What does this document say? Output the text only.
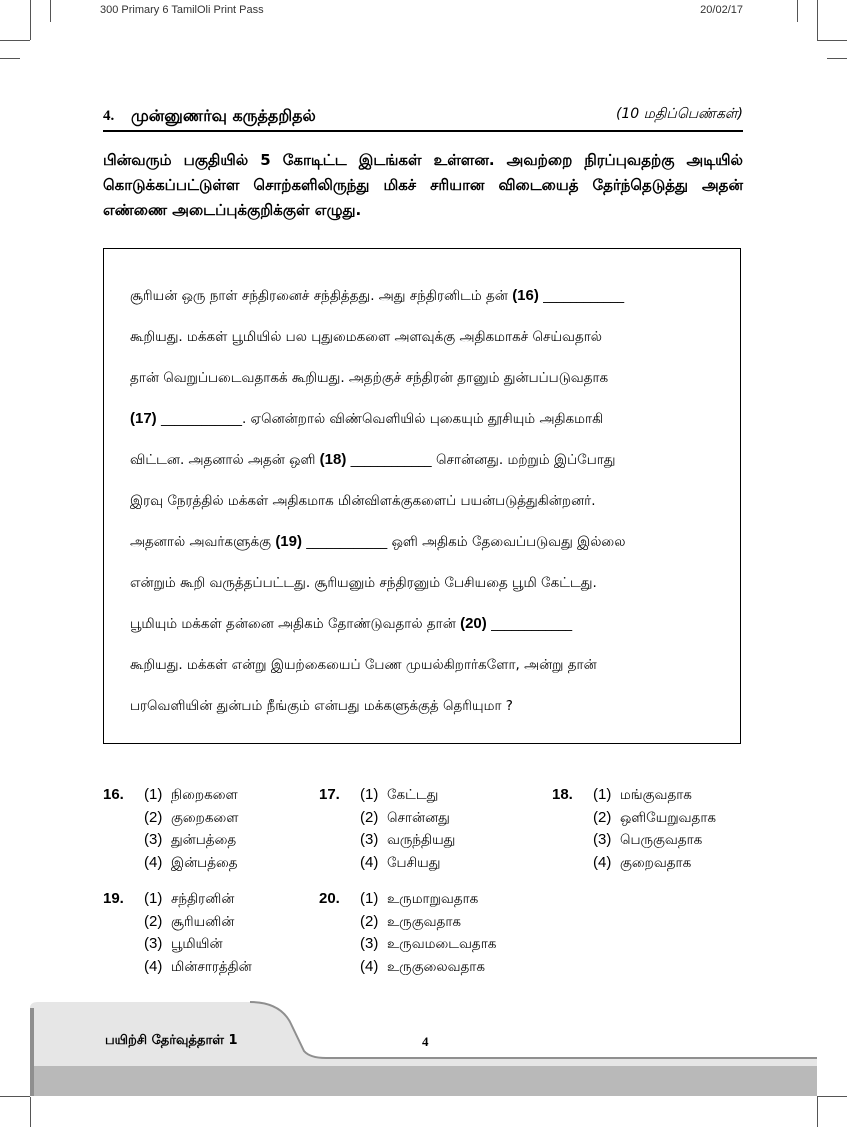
300 Primary 6 TamilOli Print Pass	20/02/17
4. முன்னுணர்வு கருத்தறிதல்	(10 மதிப்பெண்கள்)
பின்வரும் பகுதியில் 5 கோடிட்ட இடங்கள் உள்ளன. அவற்றை நிரப்புவதற்கு அடியில் கொடுக்கப்பட்டுள்ள சொற்களிலிருந்து மிகச் சரியான விடையைத் தேர்ந்தெடுத்து அதன் எண்ணை அடைப்புக்குறிக்குள் எழுது.
சூரியன் ஒரு நாள் சந்திரனைச் சந்தித்தது. அது சந்திரனிடம் தன் (16) ____________
கூறியது. மக்கள் பூமியில் பல புதுமைகளை அளவுக்கு அதிகமாகச் செய்வதால்
தான் வெறுப்படைவதாகக் கூறியது. அதற்குச் சந்திரன் தானும் துன்பப்படுவதாக
(17) ____________. ஏனென்றால் விண்வெளியில் புகையும் தூசியும் அதிகமாகி
விட்டன. அதனால் அதன் ஒளி (18) ____________ சொன்னது. மற்றும் இப்போது
இரவு நேரத்தில் மக்கள் அதிகமாக மின்விளக்குகளைப் பயன்படுத்துகின்றனர்.
அதனால் அவர்களுக்கு (19) ____________ ஒளி அதிகம் தேவைப்படுவது இல்லை
என்றும் கூறி வருத்தப்பட்டது. சூரியனும் சந்திரனும் பேசியதை பூமி கேட்டது.
பூமியும் மக்கள் தன்னை அதிகம் தோண்டுவதால் தான் (20) ____________
கூறியது. மக்கள் என்று இயற்கையைப் பேண முயல்கிறார்களோ, அன்று தான்
பரவெளியின் துன்பம் நீங்கும் என்பது மக்களுக்குத் தெரியுமா ?
16. (1) நிறைகளை
(2) குறைகளை
(3) துன்பத்தை
(4) இன்பத்தை
17. (1) கேட்டது
(2) சொன்னது
(3) வருந்தியது
(4) பேசியது
18. (1) மங்குவதாக
(2) ஒளியேறுவதாக
(3) பெருகுவதாக
(4) குறைவதாக
19. (1) சந்திரனின்
(2) சூரியனின்
(3) பூமியின்
(4) மின்சாரத்தின்
20. (1) உருமாறுவதாக
(2) உருகுவதாக
(3) உருவமடைவதாக
(4) உருகுலைவதாக
பயிற்சி தேர்வுத்தாள் 1	4
